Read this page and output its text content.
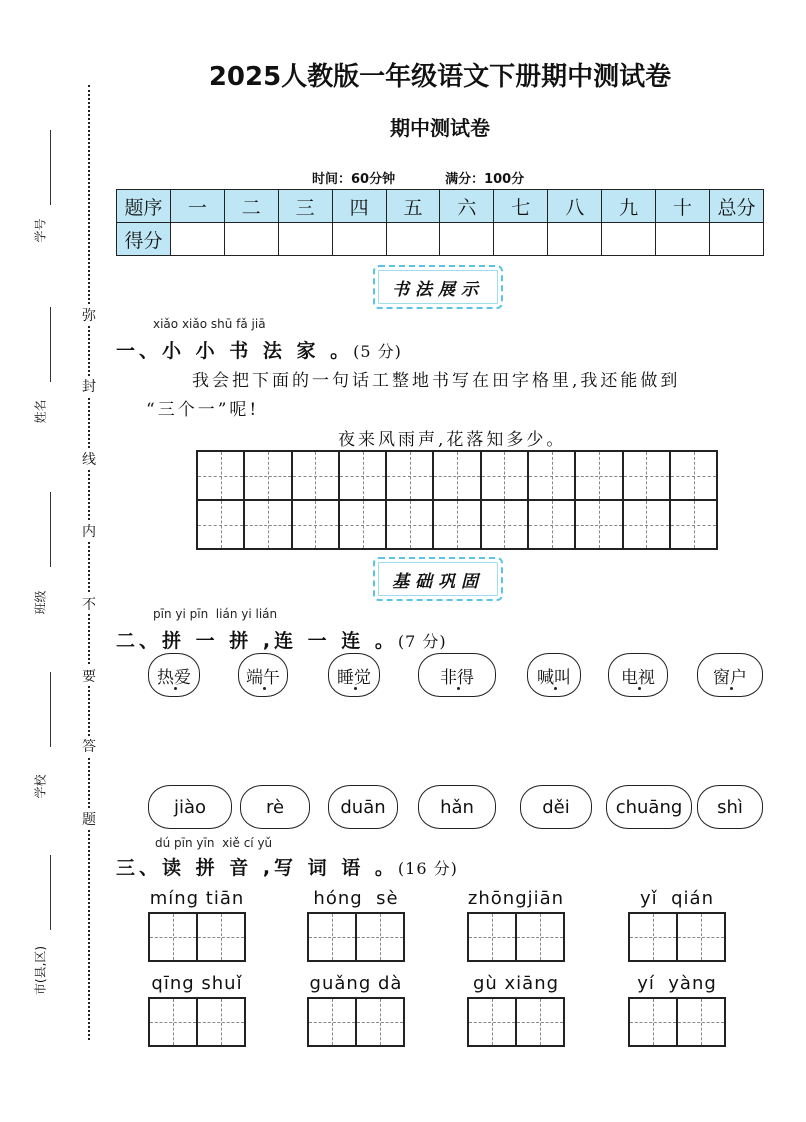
弥
封
线
内
不
要
答
题
学号
姓名
班级
学校
市(县,区)
2025人教版一年级语文下册期中测试卷
期中测试卷
时间：60分钟	满分：100分
题序	一	二	三	四	五	六	七	八	九	十	总分
得分											
书法展示
xiǎo xiǎo shū fǎ jiā
一、小 小 书 法 家 。(5 分)
我会把下面的一句话工整地书写在田字格里,我还能做到
“三个一”呢!
夜来风雨声,花落知多少。
基础巩固
pīn yi pīn  lián yi lián
二、拼 一 拼 ,连 一 连 。(7 分)
热爱	端午	睡觉	非得	喊叫	电视	窗户
jiào	rè	duān	hǎn	děi	chuāng shì
dú pīn yīn  xiě cí yǔ
三、读 拼 音 ,写 词 语 。(16 分)
míng tiān	hóng  sè	zhōngjiān	yǐ  qián
qīng shuǐ	guǎng dà	gù xiāng	yí  yàng
